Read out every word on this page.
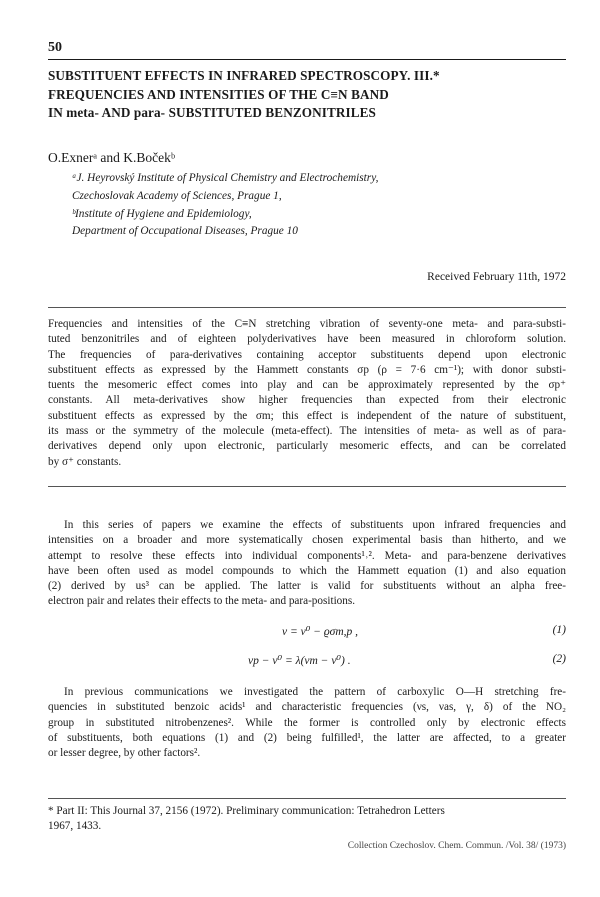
50
SUBSTITUENT EFFECTS IN INFRARED SPECTROSCOPY. III.*
FREQUENCIES AND INTENSITIES OF THE C≡N BAND
IN meta- AND para- SUBSTITUTED BENZONITRILES
O.Exnerᵃ and K.Bočekᵇ
ᵃJ. Heyrovský Institute of Physical Chemistry and Electrochemistry,
Czechoslovak Academy of Sciences, Prague 1,
ᵇInstitute of Hygiene and Epidemiology,
Department of Occupational Diseases, Prague 10
Received February 11th, 1972
Frequencies and intensities of the C≡N stretching vibration of seventy-one meta- and para-substi-
tuted benzonitriles and of eighteen polyderivatives have been measured in chloroform solution.
The frequencies of para-derivatives containing acceptor substituents depend upon electronic
substituent effects as expressed by the Hammett constants σp (ρ = 7·6 cm⁻¹); with donor substi-
tuents the mesomeric effect comes into play and can be approximately represented by the σp⁺
constants. All meta-derivatives show higher frequencies than expected from their electronic
substituent effects as expressed by the σm; this effect is independent of the nature of substituent,
its mass or the symmetry of the molecule (meta-effect). The intensities of meta- as well as of para-
derivatives depend only upon electronic, particularly mesomeric effects, and can be correlated
by σ⁺ constants.
In this series of papers we examine the effects of substituents upon infrared frequencies and
intensities on a broader and more systematically chosen experimental basis than hitherto, and we
attempt to resolve these effects into individual components¹˒². Meta- and para-benzene derivatives
have been often used as model compounds to which the Hammett equation (1) and also equation
(2) derived by us³ can be applied. The latter is valid for substituents without an alpha free-
electron pair and relates their effects to the meta- and para-positions.
ν = ν⁰ − ϱσm,p ,	(1)
νp − ν⁰ = λ(νm − ν⁰) .	(2)
In previous communications we investigated the pattern of carboxylic O—H stretching fre-
quencies in substituted benzoic acids¹ and characteristic frequencies (νs, νas, γ, δ) of the NO₂
group in substituted nitrobenzenes². While the former is controlled only by electronic effects
of substituents, both equations (1) and (2) being fulfilled¹, the latter are affected, to a greater
or lesser degree, by other factors².
* Part II: This Journal 37, 2156 (1972). Preliminary communication: Tetrahedron Letters
1967, 1433.
Collection Czechoslov. Chem. Commun. /Vol. 38/ (1973)
